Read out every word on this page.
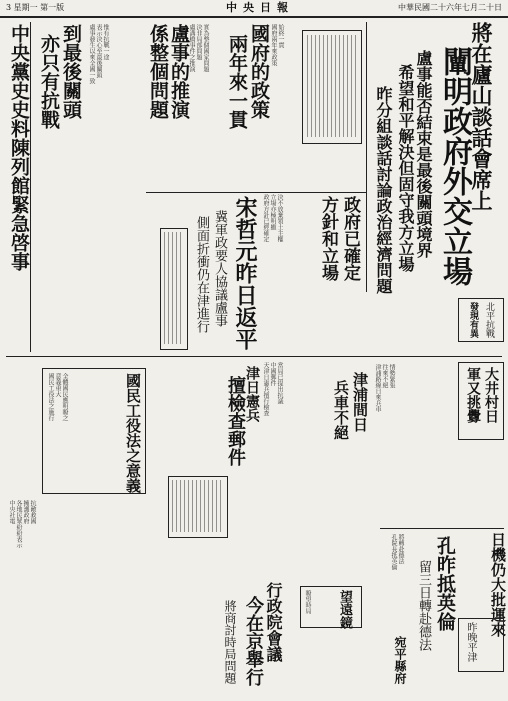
3 星期一 第一版	中央日報	中華民國二十六年七月二十日
將在廬山談話會席上
闡明政府外交立場
盧事能否結束是最後關頭境界
希望和平解決但固守我方立場
昨分組談話討論政治經濟問題
中央黨史史料陳列館緊急啓事 到最後關頭
亦只有抗戰	盧事發生以來全國一致表示決心至最後關頭惟有抗戰一途	盧事的推演
係整個問題	國府的政策
兩年來一貫
盧溝橋事件之推演決非局部問題實為整個國家問題	國府兩年來政策始終一貫
宋哲元昨日返平
冀軍政要人協議盧事
側面折衝仍在津進行	政府已確定
方針和立場
政府方針已經確定立場亦極明顯決不放棄領土主權
北平抗戰
發現有異
津浦間日
兵車不絕	津浦路線日來兵車往來不絕情勢緊張	大井村日
軍又挑釁
津日憲兵
擅檢查郵件	天津日憲兵擅行檢查中國郵件當局已提出抗議
國民工役法之意義
國民工役法之施行意義重大全體國民應明瞭之
日機仍大批運來
孔昨抵英倫
留三日轉赴德法
孔院長抵英倫將轉赴德法
望遠鏡
瞭望時局
行政院會議
今在京舉行
將商討時局問題	昨晚平津
宛平縣府
中央社電各地民眾紛紛表示擁護政府抗敵救國
